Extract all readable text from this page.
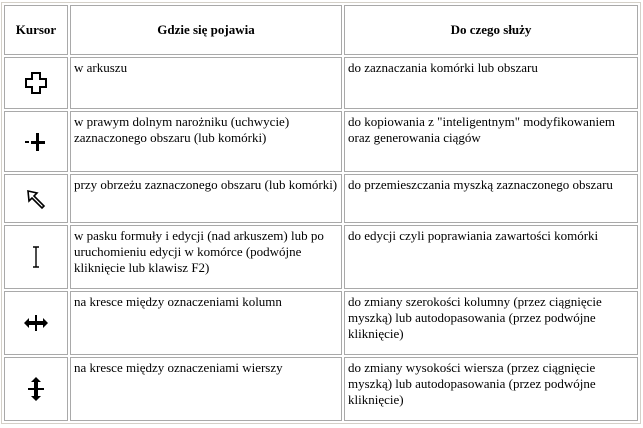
Kursor	Gdzie się pojawia	Do czego służy
	w arkuszu	do zaznaczania komórki lub obszaru
	w prawym dolnym narożniku (uchwycie) zaznaczonego obszaru (lub komórki)	do kopiowania z "inteligentnym" modyfikowaniem oraz generowania ciągów
	przy obrzeżu zaznaczonego obszaru (lub komórki)	do przemieszczania myszką zaznaczonego obszaru
	w pasku formuły i edycji (nad arkuszem) lub po uruchomieniu edycji w komórce (podwójne kliknięcie lub klawisz F2)	do edycji czyli poprawiania zawartości komórki
	na kresce między oznaczeniami kolumn	do zmiany szerokości kolumny (przez ciągnięcie myszką) lub autodopasowania (przez podwójne kliknięcie)
	na kresce między oznaczeniami wierszy	do zmiany wysokości wiersza (przez ciągnięcie myszką) lub autodopasowania (przez podwójne kliknięcie)
